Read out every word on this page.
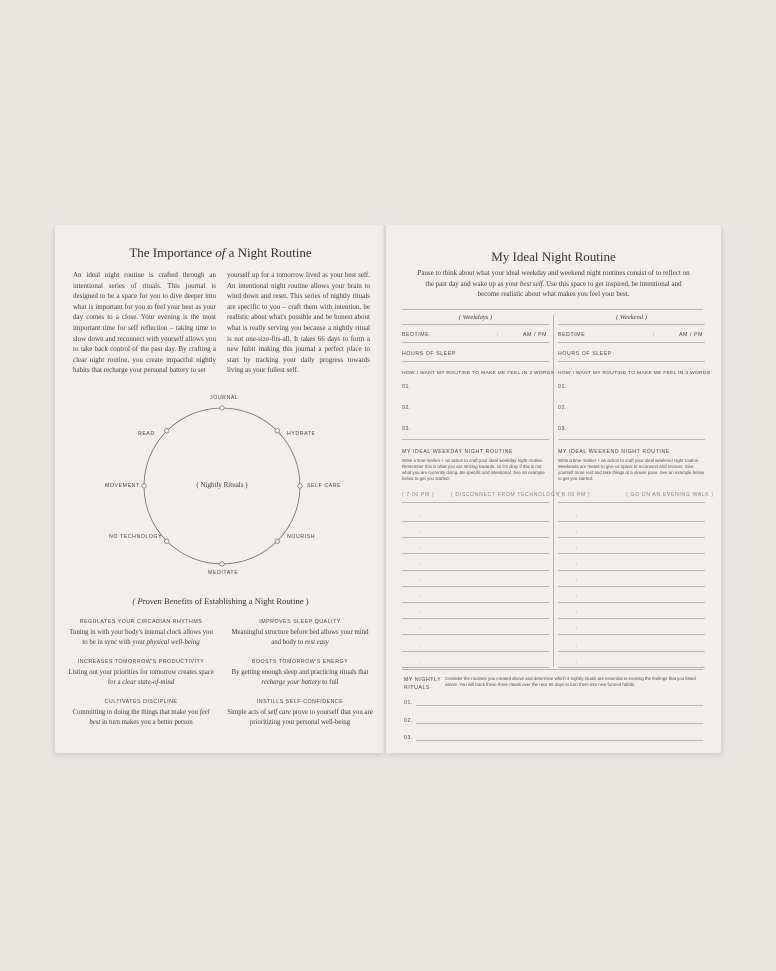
The Importance of a Night Routine
An ideal night routine is crafted through an intentional series of rituals. This journal is designed to be a space for you to dive deeper into what is important for you to feel your best as your day comes to a close. Your evening is the most important time for self reflection – taking time to slow down and reconnect with yourself allows you to take back control of the past day. By crafting a clear night routine, you create impactful nightly habits that recharge your personal battery to set
yourself up for a tomorrow lived as your best self. An intentional night routine allows your brain to wind down and reset. This series of nightly rituals are specific to you – craft them with intention, be realistic about what's possible and be honest about what is really serving you because a nightly ritual is not one-size-fits-all. It takes 66 days to form a new habit making this journal a perfect place to start by tracking your daily progress towards living as your fullest self.
JOURNAL
HYDRATE
SELF CARE
NOURISH
MEDITATE
NO TECHNOLOGY
MOVEMENT
READ
( Nightly Rituals )
( Proven Benefits of Establishing a Night Routine )
REGULATES YOUR CIRCADIAN RHYTHMS
Tuning in with your body's internal clock allows you to be in sync with your physical well-being
IMPROVES SLEEP QUALITY
Meaningful structure before bed allows your mind and body to rest easy
INCREASES TOMORROW'S PRODUCTIVITY
Listing out your priorities for tomorrow creates space for a clear state-of-mind
BOOSTS TOMORROW'S ENERGY
By getting enough sleep and practicing rituals that recharge your battery to full
CULTIVATES DISCIPLINE
Committing to doing the things that make you feel best in turn makes you a better person
INSTILLS SELF-CONFIDENCE
Simple acts of self care prove to yourself that you are prioritizing your personal well-being
My Ideal Night Routine
Pause to think about what your ideal weekday and weekend night routines consist of to reflect on the past day and wake up as your best self. Use this space to get inspired, be intentional and become realistic about what makes you feel your best.
( Weekdays )
BEDTIME	:	AM / PM
HOURS OF SLEEP
HOW I WANT MY ROUTINE TO MAKE ME FEEL IN 3 WORDS
01.
02.
03.
MY IDEAL WEEKDAY NIGHT ROUTINE
Write a time marker + an action to craft your ideal weekday night routine. Remember this is what you are striving towards, so it's okay if this is not what you are currently doing. Be specific and intentional. See an example below to get you started:
( 7:00 PM )	( DISCONNECT FROM TECHNOLOGY )
:
:
:
:
:
:
:
:
:
:
( Weekend )
BEDTIME	:	AM / PM
HOURS OF SLEEP
HOW I WANT MY ROUTINE TO MAKE ME FEEL IN 3 WORDS
01.
02.
03.
MY IDEAL WEEKEND NIGHT ROUTINE
Write a time marker + an action to craft your ideal weekend night routine. Weekends are meant to give us space to reconnect and recover. Give yourself more rest and take things at a slower pace. See an example below to get you started:
( 5:00 PM )	( GO ON AN EVENING WALK )
:
:
:
:
:
:
:
:
:
:
MY NIGHTLY RITUALS
Consider the routines you created above and determine which 3 nightly rituals are essential to evoking the feelings that you listed above. You will track these three rituals over the next 66 days to turn them into new formed habits.
01.
02.
03.
